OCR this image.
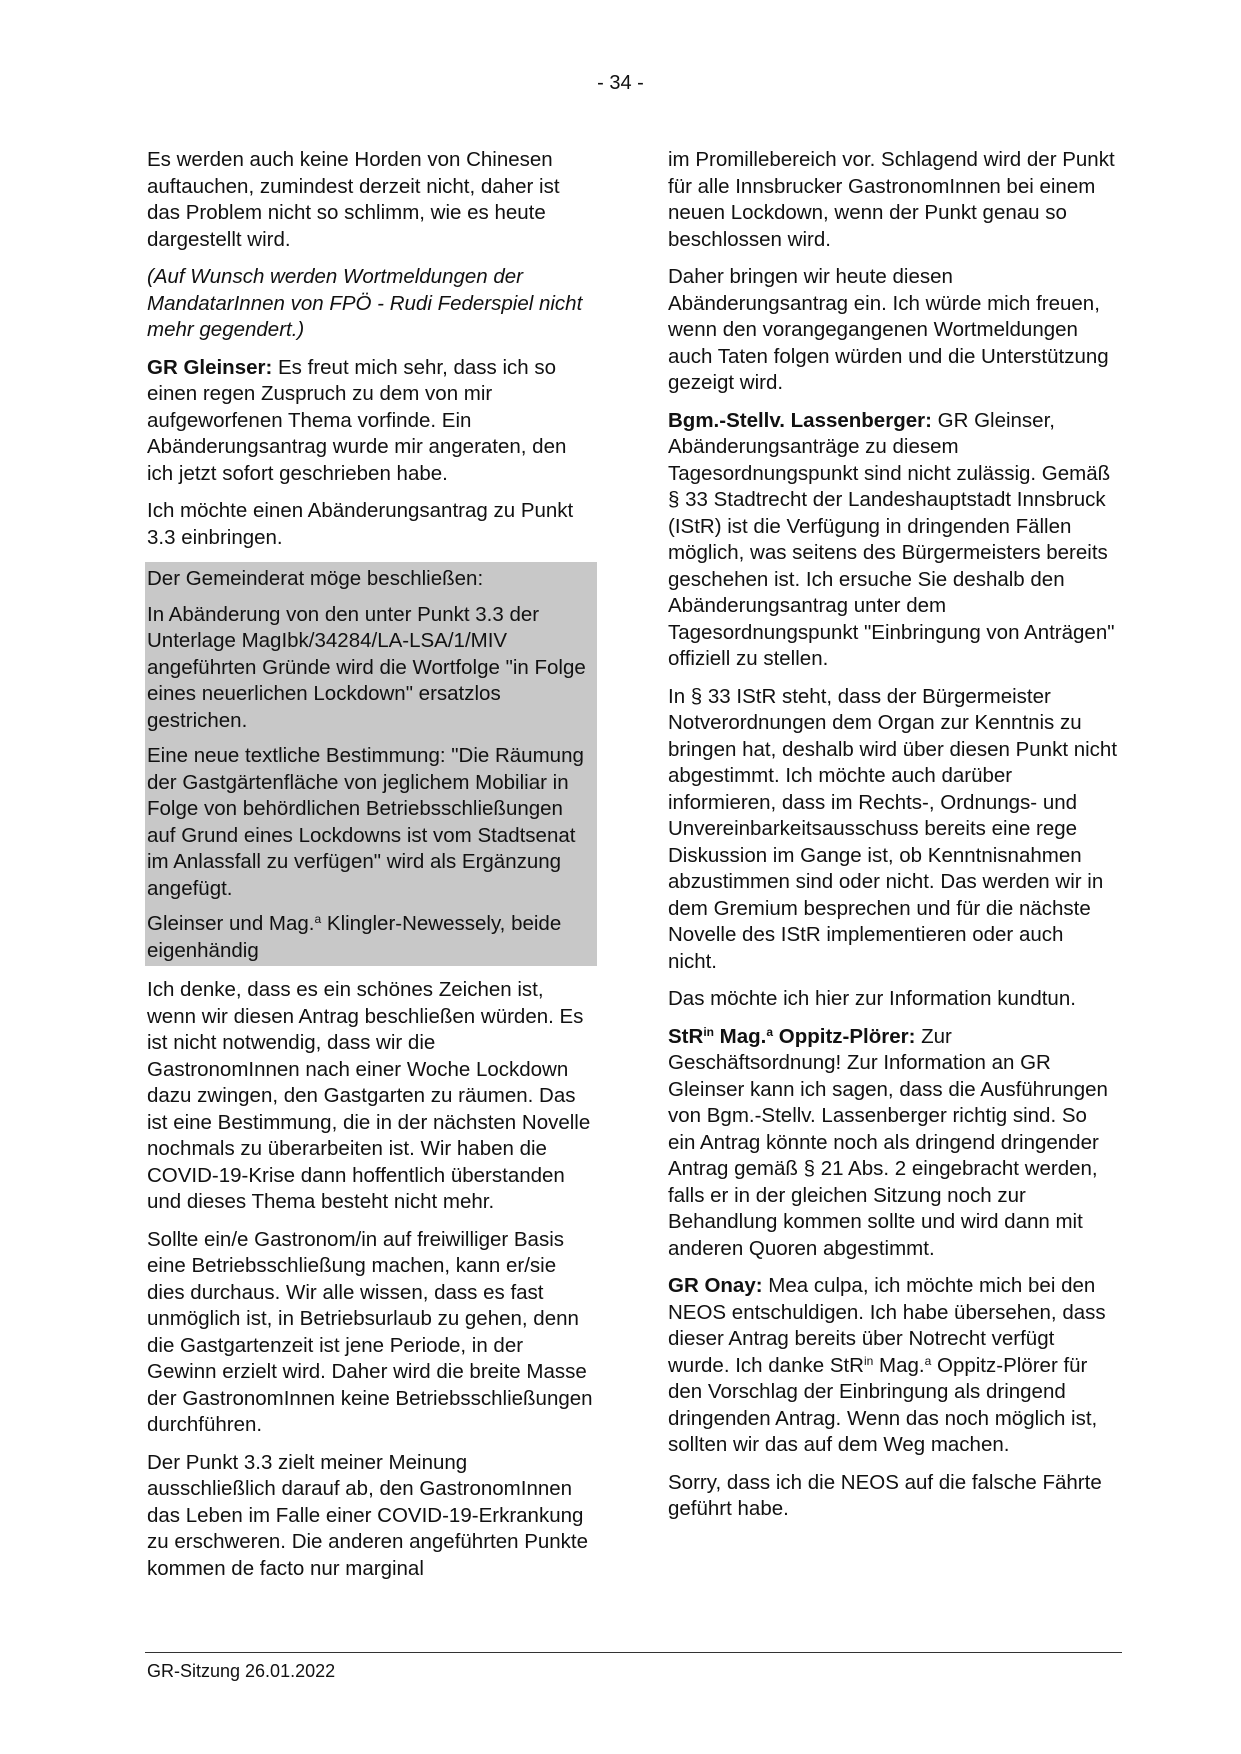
- 34 -

Es werden auch keine Horden von Chinesen auftauchen, zumindest derzeit nicht, daher ist das Problem nicht so schlimm, wie es heute dargestellt wird.

(Auf Wunsch werden Wortmeldungen der MandatarInnen von FPÖ - Rudi Federspiel nicht mehr gegendert.)

GR Gleinser: Es freut mich sehr, dass ich so einen regen Zuspruch zu dem von mir aufgeworfenen Thema vorfinde. Ein Abänderungsantrag wurde mir angeraten, den ich jetzt sofort geschrieben habe.

Ich möchte einen Abänderungsantrag zu Punkt 3.3 einbringen.

Der Gemeinderat möge beschließen:

In Abänderung von den unter Punkt 3.3 der Unterlage MagIbk/34284/LA-LSA/1/MIV angeführten Gründe wird die Wortfolge "in Folge eines neuerlichen Lockdown" ersatzlos gestrichen.

Eine neue textliche Bestimmung: "Die Räumung der Gastgärtenfläche von jeglichem Mobiliar in Folge von behördlichen Betriebsschließungen auf Grund eines Lockdowns ist vom Stadtsenat im Anlassfall zu verfügen" wird als Ergänzung angefügt.

Gleinser und Mag.$^a$ Klingler-Newessely, beide eigenhändig

Ich denke, dass es ein schönes Zeichen ist, wenn wir diesen Antrag beschließen würden. Es ist nicht notwendig, dass wir die GastronomInnen nach einer Woche Lockdown dazu zwingen, den Gastgarten zu räumen. Das ist eine Bestimmung, die in der nächsten Novelle nochmals zu überarbeiten ist. Wir haben die COVID-19-Krise dann hoffentlich überstanden und dieses Thema besteht nicht mehr.

Sollte ein/e Gastronom/in auf freiwilliger Basis eine Betriebsschließung machen, kann er/sie dies durchaus. Wir alle wissen, dass es fast unmöglich ist, in Betriebsurlaub zu gehen, denn die Gastgartenzeit ist jene Periode, in der Gewinn erzielt wird. Daher wird die breite Masse der GastronomInnen keine Betriebsschließungen durchführen.

Der Punkt 3.3 zielt meiner Meinung ausschließlich darauf ab, den GastronomInnen das Leben im Falle einer COVID-19-Erkrankung zu erschweren. Die anderen angeführten Punkte kommen de facto nur marginal

im Promillebereich vor. Schlagend wird der Punkt für alle Innsbrucker GastronomInnen bei einem neuen Lockdown, wenn der Punkt genau so beschlossen wird.

Daher bringen wir heute diesen Abänderungsantrag ein. Ich würde mich freuen, wenn den vorangegangenen Wortmeldungen auch Taten folgen würden und die Unterstützung gezeigt wird.

Bgm.-Stellv. Lassenberger: GR Gleinser, Abänderungsanträge zu diesem Tagesordnungspunkt sind nicht zulässig. Gemäß § 33 Stadtrecht der Landeshauptstadt Innsbruck (IStR) ist die Verfügung in dringenden Fällen möglich, was seitens des Bürgermeisters bereits geschehen ist. Ich ersuche Sie deshalb den Abänderungsantrag unter dem Tagesordnungspunkt "Einbringung von Anträgen" offiziell zu stellen.

In § 33 IStR steht, dass der Bürgermeister Notverordnungen dem Organ zur Kenntnis zu bringen hat, deshalb wird über diesen Punkt nicht abgestimmt. Ich möchte auch darüber informieren, dass im Rechts-, Ordnungs- und Unvereinbarkeitsausschuss bereits eine rege Diskussion im Gange ist, ob Kenntnisnahmen abzustimmen sind oder nicht. Das werden wir in dem Gremium besprechen und für die nächste Novelle des IStR implementieren oder auch nicht.

Das möchte ich hier zur Information kundtun.

StR$^{in}$ Mag.$^a$ Oppitz-Plörer: Zur Geschäftsordnung! Zur Information an GR Gleinser kann ich sagen, dass die Ausführungen von Bgm.-Stellv. Lassenberger richtig sind. So ein Antrag könnte noch als dringend dringender Antrag gemäß § 21 Abs. 2 eingebracht werden, falls er in der gleichen Sitzung noch zur Behandlung kommen sollte und wird dann mit anderen Quoren abgestimmt.

GR Onay: Mea culpa, ich möchte mich bei den NEOS entschuldigen. Ich habe übersehen, dass dieser Antrag bereits über Notrecht verfügt wurde. Ich danke StR$^{in}$ Mag.$^a$ Oppitz-Plörer für den Vorschlag der Einbringung als dringend dringenden Antrag. Wenn das noch möglich ist, sollten wir das auf dem Weg machen.

Sorry, dass ich die NEOS auf die falsche Fährte geführt habe.

GR-Sitzung 26.01.2022
